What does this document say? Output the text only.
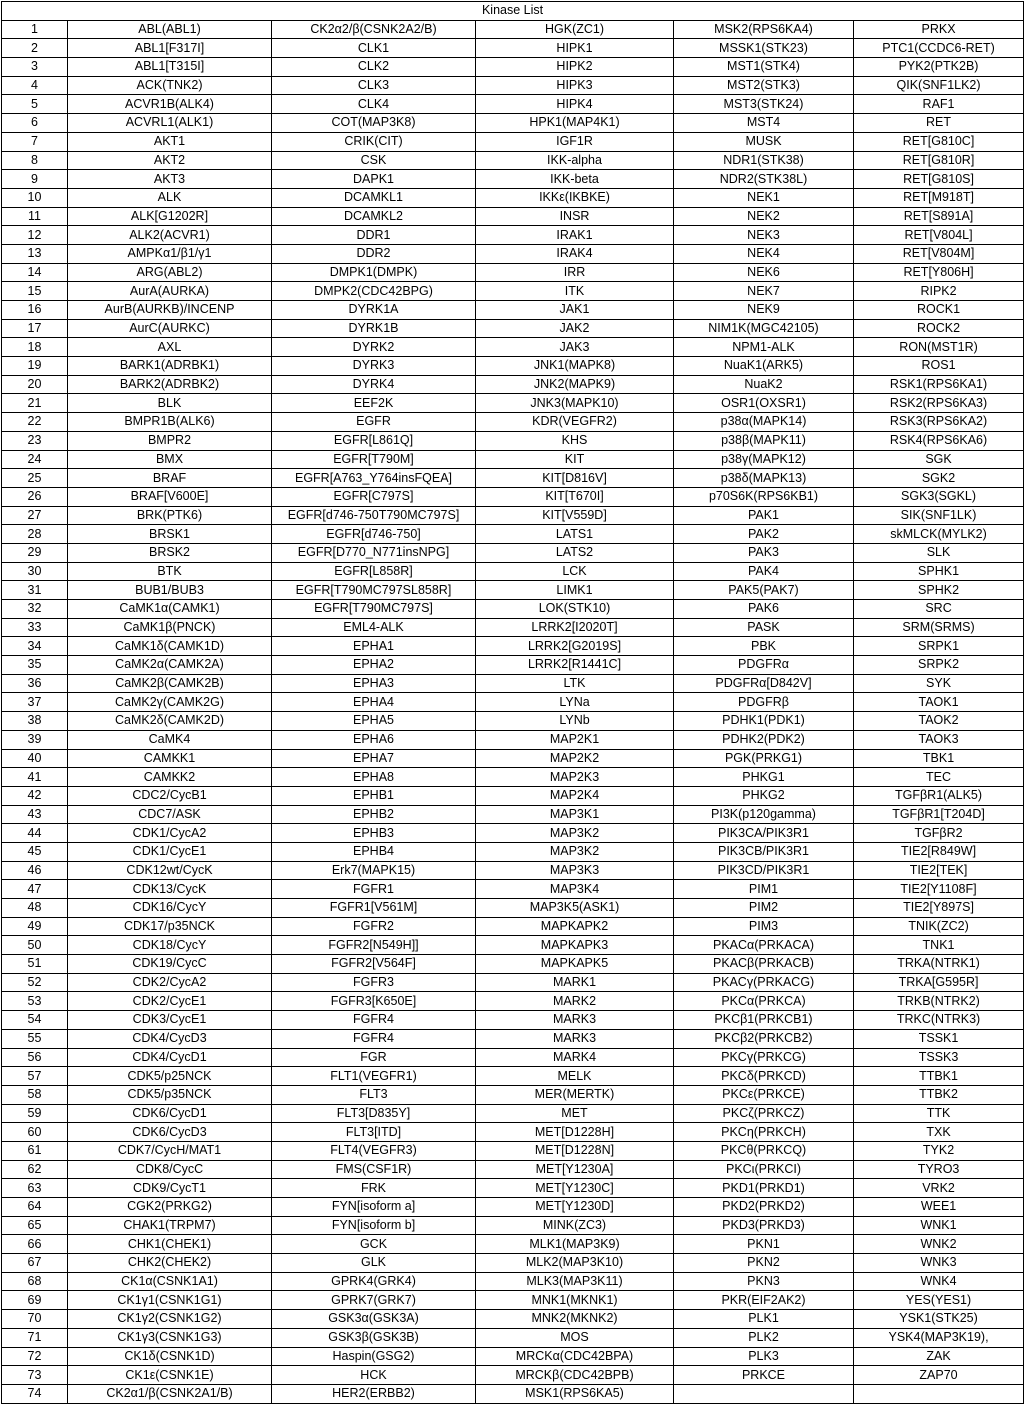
Kinase List					
1	ABL(ABL1)	CK2α2/β(CSNK2A2/B)	HGK(ZC1)	MSK2(RPS6KA4)	PRKX
2	ABL1[F317I]	CLK1	HIPK1	MSSK1(STK23)	PTC1(CCDC6-RET)
3	ABL1[T315I]	CLK2	HIPK2	MST1(STK4)	PYK2(PTK2B)
4	ACK(TNK2)	CLK3	HIPK3	MST2(STK3)	QIK(SNF1LK2)
5	ACVR1B(ALK4)	CLK4	HIPK4	MST3(STK24)	RAF1
6	ACVRL1(ALK1)	COT(MAP3K8)	HPK1(MAP4K1)	MST4	RET
7	AKT1	CRIK(CIT)	IGF1R	MUSK	RET[G810C]
8	AKT2	CSK	IKK-alpha	NDR1(STK38)	RET[G810R]
9	AKT3	DAPK1	IKK-beta	NDR2(STK38L)	RET[G810S]
10	ALK	DCAMKL1	IKKε(IKBKE)	NEK1	RET[M918T]
11	ALK[G1202R]	DCAMKL2	INSR	NEK2	RET[S891A]
12	ALK2(ACVR1)	DDR1	IRAK1	NEK3	RET[V804L]
13	AMPKα1/β1/γ1	DDR2	IRAK4	NEK4	RET[V804M]
14	ARG(ABL2)	DMPK1(DMPK)	IRR	NEK6	RET[Y806H]
15	AurA(AURKA)	DMPK2(CDC42BPG)	ITK	NEK7	RIPK2
16	AurB(AURKB)/INCENP	DYRK1A	JAK1	NEK9	ROCK1
17	AurC(AURKC)	DYRK1B	JAK2	NIM1K(MGC42105)	ROCK2
18	AXL	DYRK2	JAK3	NPM1-ALK	RON(MST1R)
19	BARK1(ADRBK1)	DYRK3	JNK1(MAPK8)	NuaK1(ARK5)	ROS1
20	BARK2(ADRBK2)	DYRK4	JNK2(MAPK9)	NuaK2	RSK1(RPS6KA1)
21	BLK	EEF2K	JNK3(MAPK10)	OSR1(OXSR1)	RSK2(RPS6KA3)
22	BMPR1B(ALK6)	EGFR	KDR(VEGFR2)	p38α(MAPK14)	RSK3(RPS6KA2)
23	BMPR2	EGFR[L861Q]	KHS	p38β(MAPK11)	RSK4(RPS6KA6)
24	BMX	EGFR[T790M]	KIT	p38γ(MAPK12)	SGK
25	BRAF	EGFR[A763_Y764insFQEA]	KIT[D816V]	p38δ(MAPK13)	SGK2
26	BRAF[V600E]	EGFR[C797S]	KIT[T670I]	p70S6K(RPS6KB1)	SGK3(SGKL)
27	BRK(PTK6)	EGFR[d746-750T790MC797S]	KIT[V559D]	PAK1	SIK(SNF1LK)
28	BRSK1	EGFR[d746-750]	LATS1	PAK2	skMLCK(MYLK2)
29	BRSK2	EGFR[D770_N771insNPG]	LATS2	PAK3	SLK
30	BTK	EGFR[L858R]	LCK	PAK4	SPHK1
31	BUB1/BUB3	EGFR[T790MC797SL858R]	LIMK1	PAK5(PAK7)	SPHK2
32	CaMK1α(CAMK1)	EGFR[T790MC797S]	LOK(STK10)	PAK6	SRC
33	CaMK1β(PNCK)	EML4-ALK	LRRK2[I2020T]	PASK	SRM(SRMS)
34	CaMK1δ(CAMK1D)	EPHA1	LRRK2[G2019S]	PBK	SRPK1
35	CaMK2α(CAMK2A)	EPHA2	LRRK2[R1441C]	PDGFRα	SRPK2
36	CaMK2β(CAMK2B)	EPHA3	LTK	PDGFRα[D842V]	SYK
37	CaMK2γ(CAMK2G)	EPHA4	LYNa	PDGFRβ	TAOK1
38	CaMK2δ(CAMK2D)	EPHA5	LYNb	PDHK1(PDK1)	TAOK2
39	CaMK4	EPHA6	MAP2K1	PDHK2(PDK2)	TAOK3
40	CAMKK1	EPHA7	MAP2K2	PGK(PRKG1)	TBK1
41	CAMKK2	EPHA8	MAP2K3	PHKG1	TEC
42	CDC2/CycB1	EPHB1	MAP2K4	PHKG2	TGFβR1(ALK5)
43	CDC7/ASK	EPHB2	MAP3K1	PI3K(p120gamma)	TGFβR1[T204D]
44	CDK1/CycA2	EPHB3	MAP3K2	PIK3CA/PIK3R1	TGFβR2
45	CDK1/CycE1	EPHB4	MAP3K2	PIK3CB/PIK3R1	TIE2[R849W]
46	CDK12wt/CycK	Erk7(MAPK15)	MAP3K3	PIK3CD/PIK3R1	TIE2[TEK]
47	CDK13/CycK	FGFR1	MAP3K4	PIM1	TIE2[Y1108F]
48	CDK16/CycY	FGFR1[V561M]	MAP3K5(ASK1)	PIM2	TIE2[Y897S]
49	CDK17/p35NCK	FGFR2	MAPKAPK2	PIM3	TNIK(ZC2)
50	CDK18/CycY	FGFR2[N549H]]	MAPKAPK3	PKACα(PRKACA)	TNK1
51	CDK19/CycC	FGFR2[V564F]	MAPKAPK5	PKACβ(PRKACB)	TRKA(NTRK1)
52	CDK2/CycA2	FGFR3	MARK1	PKACγ(PRKACG)	TRKA[G595R]
53	CDK2/CycE1	FGFR3[K650E]	MARK2	PKCα(PRKCA)	TRKB(NTRK2)
54	CDK3/CycE1	FGFR4	MARK3	PKCβ1(PRKCB1)	TRKC(NTRK3)
55	CDK4/CycD3	FGFR4	MARK3	PKCβ2(PRKCB2)	TSSK1
56	CDK4/CycD1	FGR	MARK4	PKCγ(PRKCG)	TSSK3
57	CDK5/p25NCK	FLT1(VEGFR1)	MELK	PKCδ(PRKCD)	TTBK1
58	CDK5/p35NCK	FLT3	MER(MERTK)	PKCε(PRKCE)	TTBK2
59	CDK6/CycD1	FLT3[D835Y]	MET	PKCζ(PRKCZ)	TTK
60	CDK6/CycD3	FLT3[ITD]	MET[D1228H]	PKCη(PRKCH)	TXK
61	CDK7/CycH/MAT1	FLT4(VEGFR3)	MET[D1228N]	PKCθ(PRKCQ)	TYK2
62	CDK8/CycC	FMS(CSF1R)	MET[Y1230A]	PKCι(PRKCI)	TYRO3
63	CDK9/CycT1	FRK	MET[Y1230C]	PKD1(PRKD1)	VRK2
64	CGK2(PRKG2)	FYN[isoform a]	MET[Y1230D]	PKD2(PRKD2)	WEE1
65	CHAK1(TRPM7)	FYN[isoform b]	MINK(ZC3)	PKD3(PRKD3)	WNK1
66	CHK1(CHEK1)	GCK	MLK1(MAP3K9)	PKN1	WNK2
67	CHK2(CHEK2)	GLK	MLK2(MAP3K10)	PKN2	WNK3
68	CK1α(CSNK1A1)	GPRK4(GRK4)	MLK3(MAP3K11)	PKN3	WNK4
69	CK1γ1(CSNK1G1)	GPRK7(GRK7)	MNK1(MKNK1)	PKR(EIF2AK2)	YES(YES1)
70	CK1γ2(CSNK1G2)	GSK3α(GSK3A)	MNK2(MKNK2)	PLK1	YSK1(STK25)
71	CK1γ3(CSNK1G3)	GSK3β(GSK3B)	MOS	PLK2	YSK4(MAP3K19),
72	CK1δ(CSNK1D)	Haspin(GSG2)	MRCKα(CDC42BPA)	PLK3	ZAK
73	CK1ε(CSNK1E)	HCK	MRCKβ(CDC42BPB)	PRKCE	ZAP70
74	CK2α1/β(CSNK2A1/B)	HER2(ERBB2)	MSK1(RPS6KA5)		
